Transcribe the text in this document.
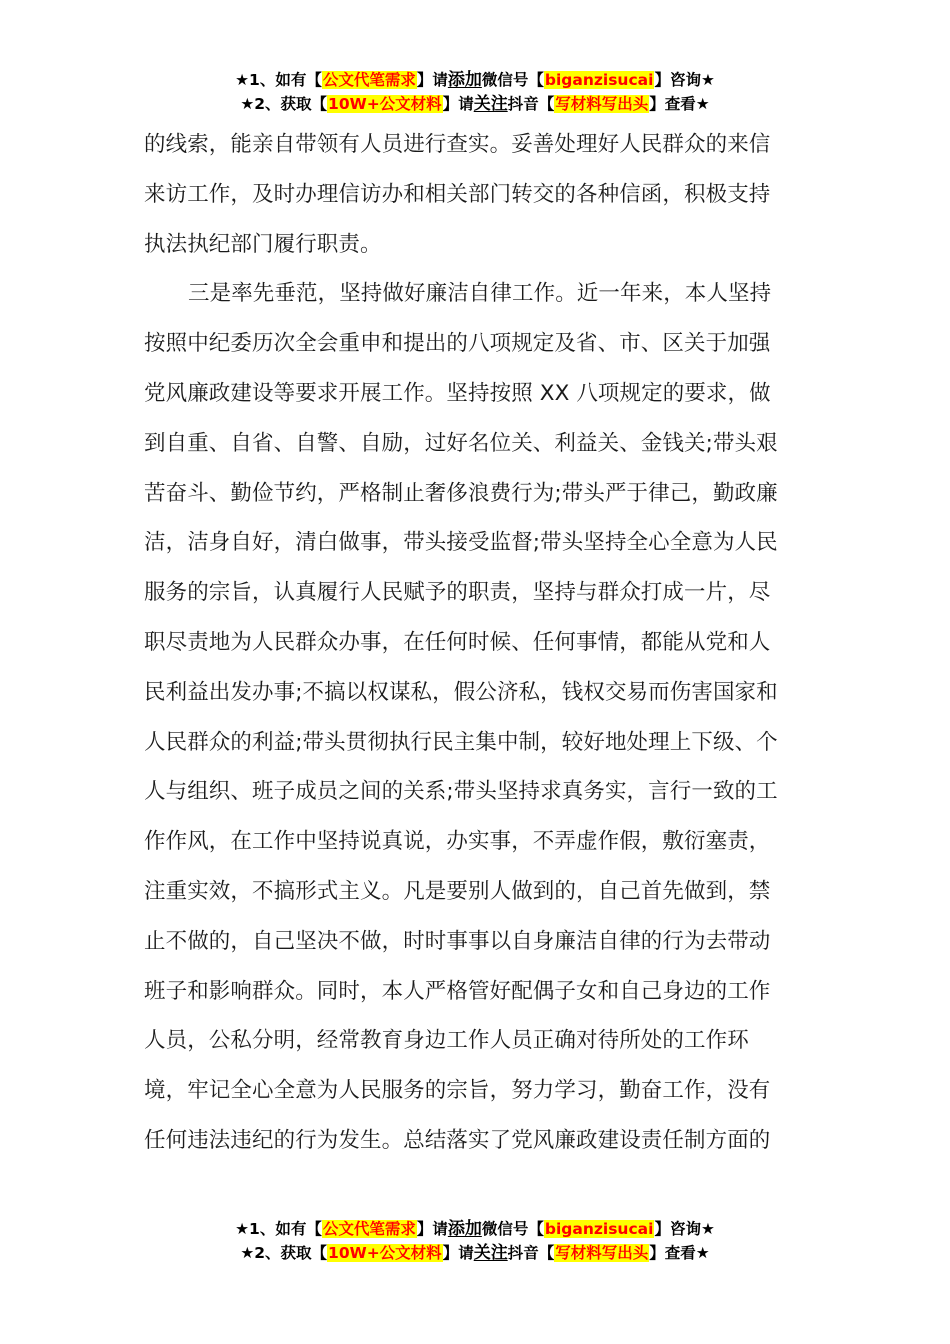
★1、如有【公文代笔需求】请添加微信号【biganzisucai】咨询★
★2、获取【10W+公文材料】请关注抖音【写材料写出头】查看★

的线索，能亲自带领有人员进行查实。妥善处理好人民群众的来信
来访工作，及时办理信访办和相关部门转交的各种信函，积极支持
执法执纪部门履行职责。

三是率先垂范，坚持做好廉洁自律工作。近一年来，本人坚持
按照中纪委历次全会重申和提出的八项规定及省、市、区关于加强
党风廉政建设等要求开展工作。坚持按照 XX 八项规定的要求，做
到自重、自省、自警、自励，过好名位关、利益关、金钱关;带头艰
苦奋斗、勤俭节约，严格制止奢侈浪费行为;带头严于律己，勤政廉
洁，洁身自好，清白做事，带头接受监督;带头坚持全心全意为人民
服务的宗旨，认真履行人民赋予的职责，坚持与群众打成一片，尽
职尽责地为人民群众办事，在任何时候、任何事情，都能从党和人
民利益出发办事;不搞以权谋私，假公济私，钱权交易而伤害国家和
人民群众的利益;带头贯彻执行民主集中制，较好地处理上下级、个
人与组织、班子成员之间的关系;带头坚持求真务实，言行一致的工
作作风，在工作中坚持说真说，办实事，不弄虚作假，敷衍塞责，
注重实效，不搞形式主义。凡是要别人做到的，自己首先做到，禁
止不做的，自己坚决不做，时时事事以自身廉洁自律的行为去带动
班子和影响群众。同时，本人严格管好配偶子女和自己身边的工作
人员，公私分明，经常教育身边工作人员正确对待所处的工作环
境，牢记全心全意为人民服务的宗旨，努力学习，勤奋工作，没有
任何违法违纪的行为发生。总结落实了党风廉政建设责任制方面的

★1、如有【公文代笔需求】请添加微信号【biganzisucai】咨询★
★2、获取【10W+公文材料】请关注抖音【写材料写出头】查看★
